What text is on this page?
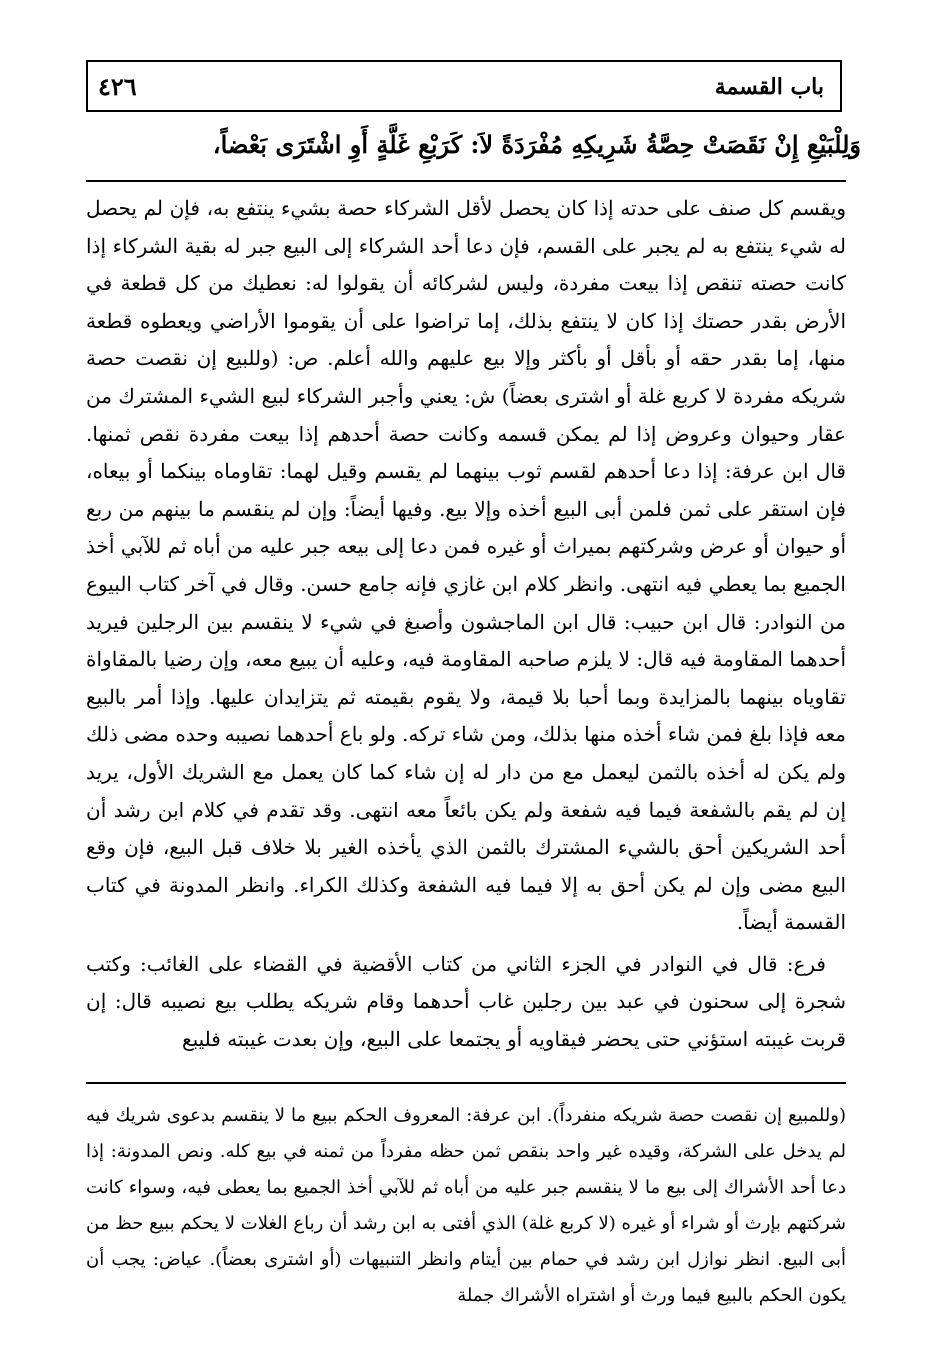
٤٢٦	باب القسمة
وَلِلْبَيْعِ إِنْ نَقَصَتْ حِصَّةُ شَرِيكِهِ مُفْرَدَةً لاَ: كَرَبْعِ غَلَّةٍ أَوِ اشْتَرَى بَعْضاً،

ويقسم كل صنف على حدته إذا كان يحصل لأقل الشركاء حصة بشيء ينتفع به، فإن لم يحصل له شيء ينتفع به لم يجبر على القسم، فإن دعا أحد الشركاء إلى البيع جبر له بقية الشركاء إذا كانت حصته تنقص إذا بيعت مفردة، وليس لشركائه أن يقولوا له: نعطيك من كل قطعة في الأرض بقدر حصتك إذا كان لا ينتفع بذلك، إما تراضوا على أن يقوموا الأراضي ويعطوه قطعة منها، إما بقدر حقه أو بأقل أو بأكثر وإلا بيع عليهم والله أعلم. ص: (وللبيع إن نقصت حصة شريكه مفردة لا كربع غلة أو اشترى بعضاً) ش: يعني وأجبر الشركاء لبيع الشيء المشترك من عقار وحيوان وعروض إذا لم يمكن قسمه وكانت حصة أحدهم إذا بيعت مفردة نقص ثمنها. قال ابن عرفة: إذا دعا أحدهم لقسم ثوب بينهما لم يقسم وقيل لهما: تقاوماه بينكما أو بيعاه، فإن استقر على ثمن فلمن أبى البيع أخذه وإلا بيع. وفيها أيضاً: وإن لم ينقسم ما بينهم من ربع أو حيوان أو عرض وشركتهم بميراث أو غيره فمن دعا إلى بيعه جبر عليه من أباه ثم للآبي أخذ الجميع بما يعطي فيه انتهى. وانظر كلام ابن غازي فإنه جامع حسن. وقال في آخر كتاب البيوع من النوادر: قال ابن حبيب: قال ابن الماجشون وأصبغ في شيء لا ينقسم بين الرجلين فيريد أحدهما المقاومة فيه قال: لا يلزم صاحبه المقاومة فيه، وعليه أن يبيع معه، وإن رضيا بالمقاواة تقاوياه بينهما بالمزايدة وبما أحبا بلا قيمة، ولا يقوم بقيمته ثم يتزايدان عليها. وإذا أمر بالبيع معه فإذا بلغ فمن شاء أخذه منها بذلك، ومن شاء تركه. ولو باع أحدهما نصيبه وحده مضى ذلك ولم يكن له أخذه بالثمن ليعمل مع من دار له إن شاء كما كان يعمل مع الشريك الأول، يريد إن لم يقم بالشفعة فيما فيه شفعة ولم يكن بائعاً معه انتهى. وقد تقدم في كلام ابن رشد أن أحد الشريكين أحق بالشيء المشترك بالثمن الذي يأخذه الغير بلا خلاف قبل البيع، فإن وقع البيع مضى وإن لم يكن أحق به إلا فيما فيه الشفعة وكذلك الكراء. وانظر المدونة في كتاب القسمة أيضاً.

فرع: قال في النوادر في الجزء الثاني من كتاب الأقضية في القضاء على الغائب: وكتب شجرة إلى سحنون في عبد بين رجلين غاب أحدهما وقام شريكه يطلب بيع نصيبه قال: إن قربت غيبته استؤني حتى يحضر فيقاويه أو يجتمعا على البيع، وإن بعدت غيبته فليبع

(وللمبيع إن نقصت حصة شريكه منفرداً). ابن عرفة: المعروف الحكم ببيع ما لا ينقسم بدعوى شريك فيه لم يدخل على الشركة، وقيده غير واحد بنقص ثمن حظه مفرداً من ثمنه في بيع كله. ونص المدونة: إذا دعا أحد الأشراك إلى بيع ما لا ينقسم جبر عليه من أباه ثم للآبي أخذ الجميع بما يعطى فيه، وسواء كانت شركتهم بإرث أو شراء أو غيره (لا كربع غلة) الذي أفتى به ابن رشد أن رباع الغلات لا يحكم ببيع حظ من أبى البيع. انظر نوازل ابن رشد في حمام بين أيتام وانظر التنبيهات (أو اشترى بعضاً). عياض: يجب أن يكون الحكم بالبيع فيما ورث أو اشتراه الأشراك جملة
